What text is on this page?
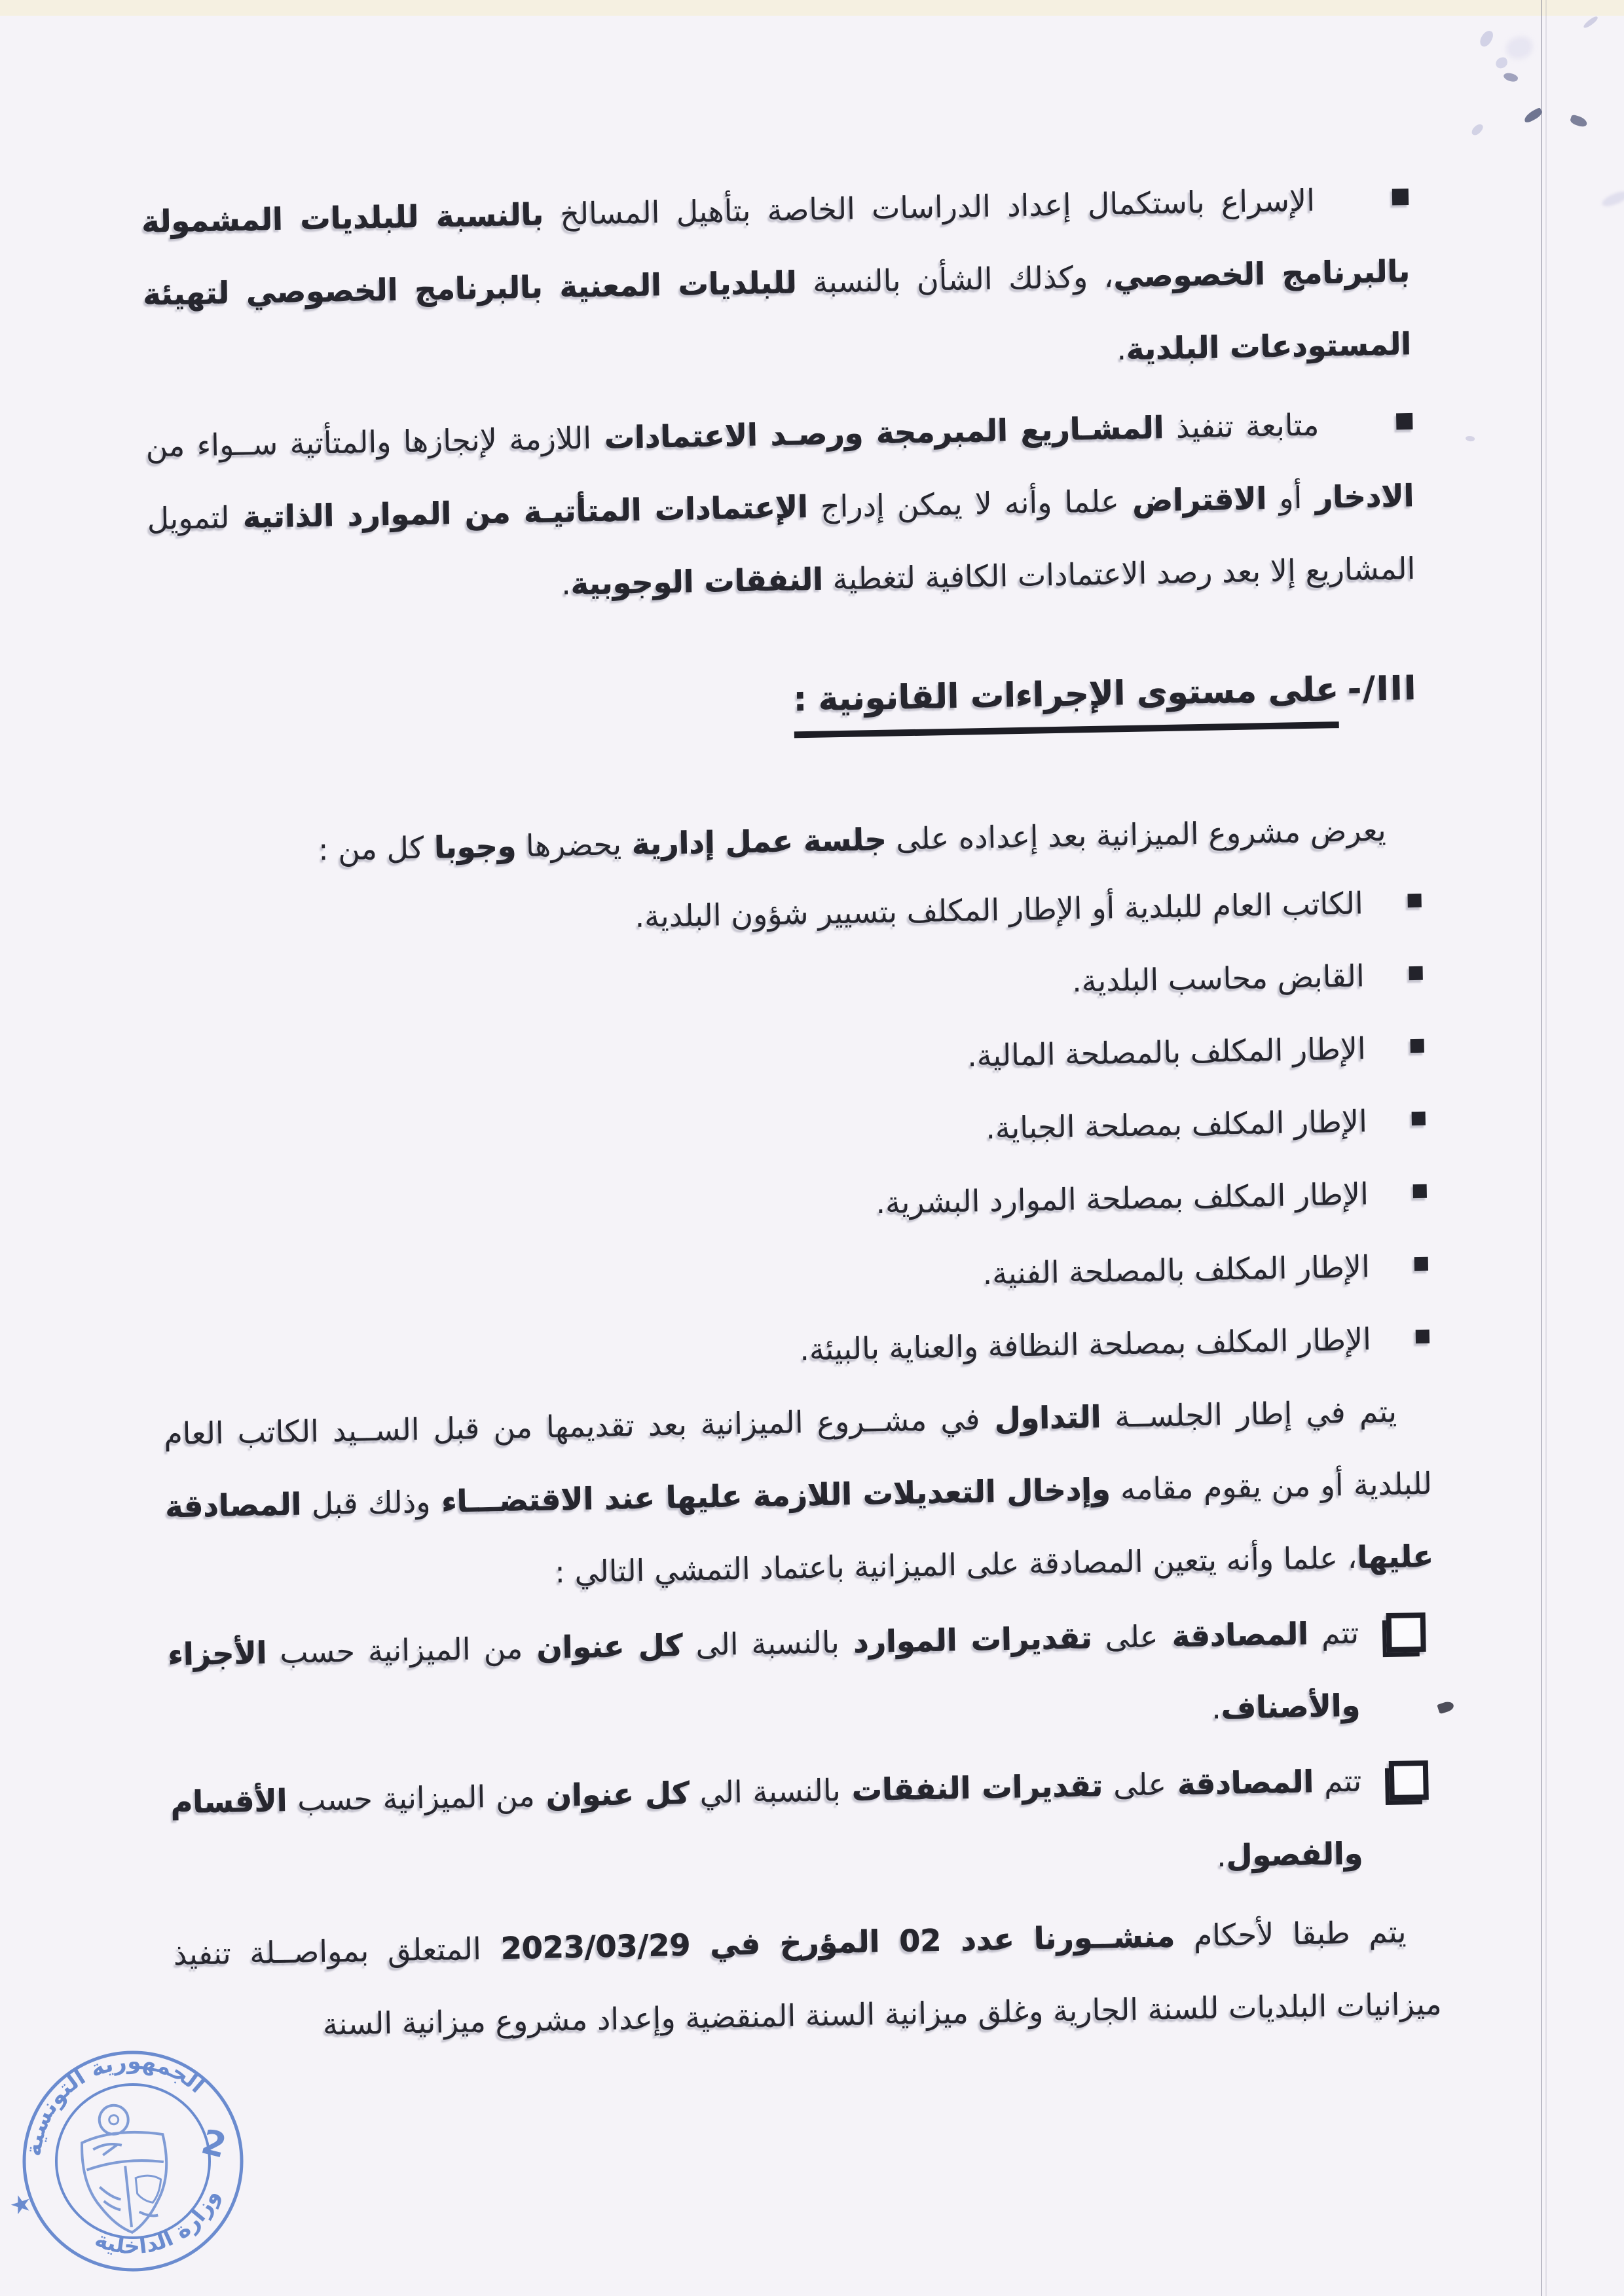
الإسراع باستكمال إعداد الدراسات الخاصة بتأهيل المسالخ بالنسبة للبلديات المشمولة بالبرنامج الخصوصي، وكذلك الشأن بالنسبة للبلديات المعنية بالبرنامج الخصوصي لتهيئة المستودعات البلدية.
متابعة تنفيذ المشـاريع المبرمجة ورصـد الاعتمادات اللازمة لإنجازها والمتأتية ســواء من الادخار أو الاقتراض علما وأنه لا يمكن إدراج الإعتمادات المتأتيـة من الموارد الذاتية لتمويل المشاريع إلا بعد رصد الاعتمادات الكافية لتغطية النفقات الوجوبية.
III/-على مستوى الإجراءات القانونية :
يعرض مشروع الميزانية بعد إعداده على جلسة عمل إدارية يحضرها وجوبا كل من :
الكاتب العام للبلدية أو الإطار المكلف بتسيير شؤون البلدية.
القابض محاسب البلدية.
الإطار المكلف بالمصلحة المالية.
الإطار المكلف بمصلحة الجباية.
الإطار المكلف بمصلحة الموارد البشرية.
الإطار المكلف بالمصلحة الفنية.
الإطار المكلف بمصلحة النظافة والعناية بالبيئة.
يتم في إطار الجلســة التداول في مشــروع الميزانية بعد تقديمها من قبل الســيد الكاتب العام للبلدية أو من يقوم مقامه وإدخال التعديلات اللازمة عليها عند الاقتضـــاء وذلك قبل المصادقة عليها، علما وأنه يتعين المصادقة على الميزانية باعتماد التمشي التالي :
تتم المصادقة على تقديرات الموارد بالنسبة الى كل عنوان من الميزانية حسب الأجزاء والأصناف.
تتم المصادقة على تقديرات النفقات بالنسبة الي كل عنوان من الميزانية حسب الأقسام والفصول.
يتم طبقا لأحكام منشــورنا عدد 02 المؤرخ في 2023/03/29 المتعلق بمواصــلة تنفيذ ميزانيات البلديات للسنة الجارية وغلق ميزانية السنة المنقضية وإعداد مشروع ميزانية السنة
الجمهورية التونسية
وزارة الداخلية
2
★
